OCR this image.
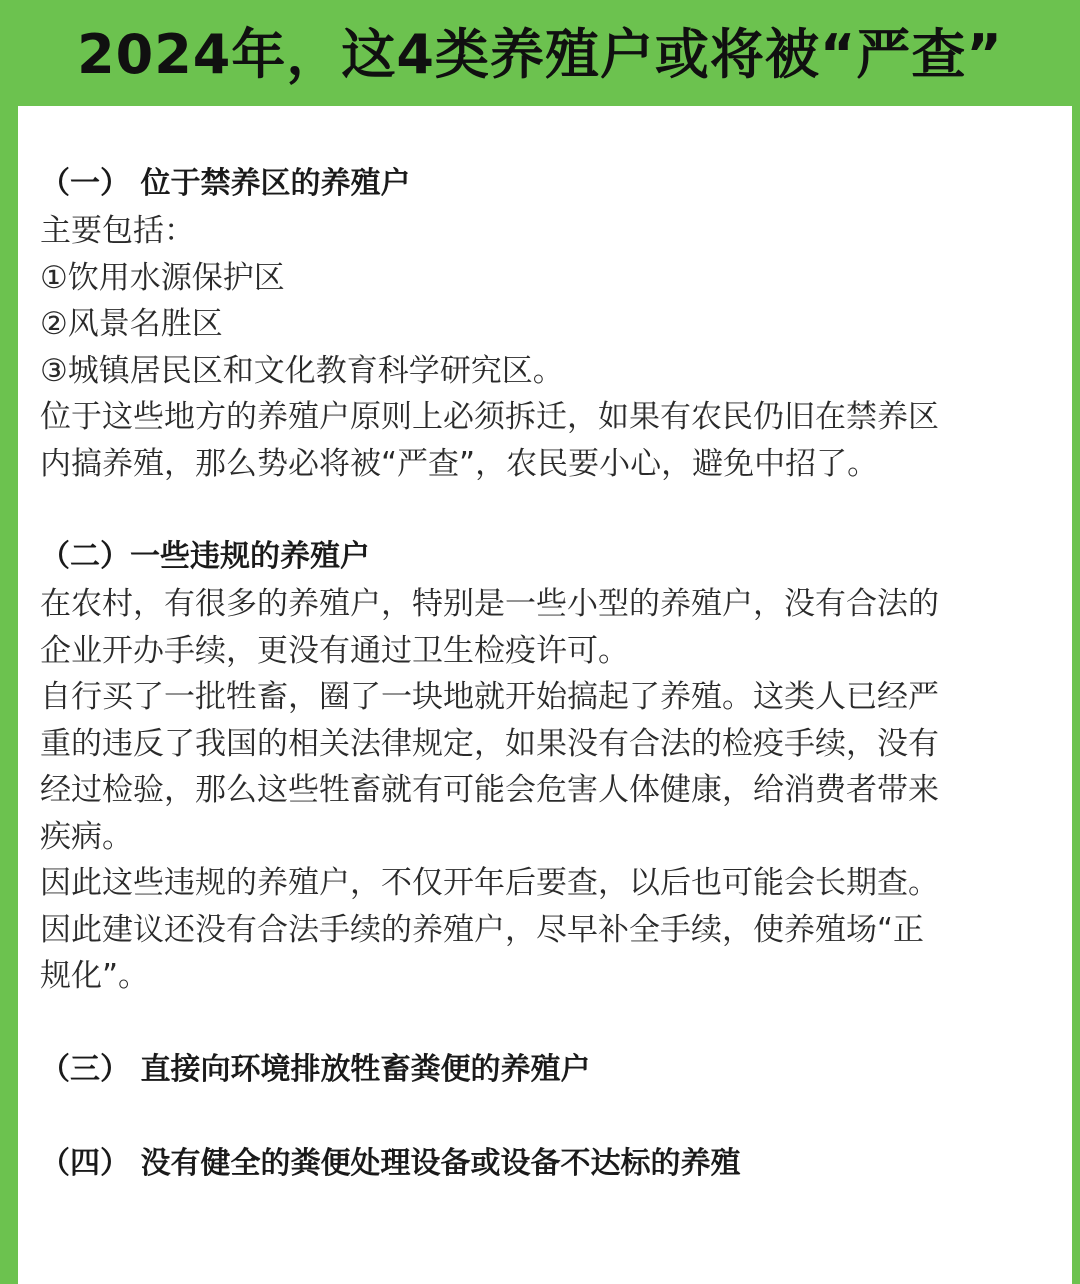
2024年，这4类养殖户或将被“严查”
（一） 位于禁养区的养殖户
主要包括：
①饮用水源保护区
②风景名胜区
③城镇居民区和文化教育科学研究区。
位于这些地方的养殖户原则上必须拆迁，如果有农民仍旧在禁养区
内搞养殖，那么势必将被“严查”，农民要小心，避免中招了。
（二）一些违规的养殖户
在农村，有很多的养殖户，特别是一些小型的养殖户，没有合法的
企业开办手续，更没有通过卫生检疫许可。
自行买了一批牲畜，圈了一块地就开始搞起了养殖。这类人已经严
重的违反了我国的相关法律规定，如果没有合法的检疫手续，没有
经过检验，那么这些牲畜就有可能会危害人体健康，给消费者带来
疾病。
因此这些违规的养殖户，不仅开年后要查，以后也可能会长期查。
因此建议还没有合法手续的养殖户，尽早补全手续，使养殖场“正
规化”。
（三） 直接向环境排放牲畜粪便的养殖户
（四） 没有健全的粪便处理设备或设备不达标的养殖
